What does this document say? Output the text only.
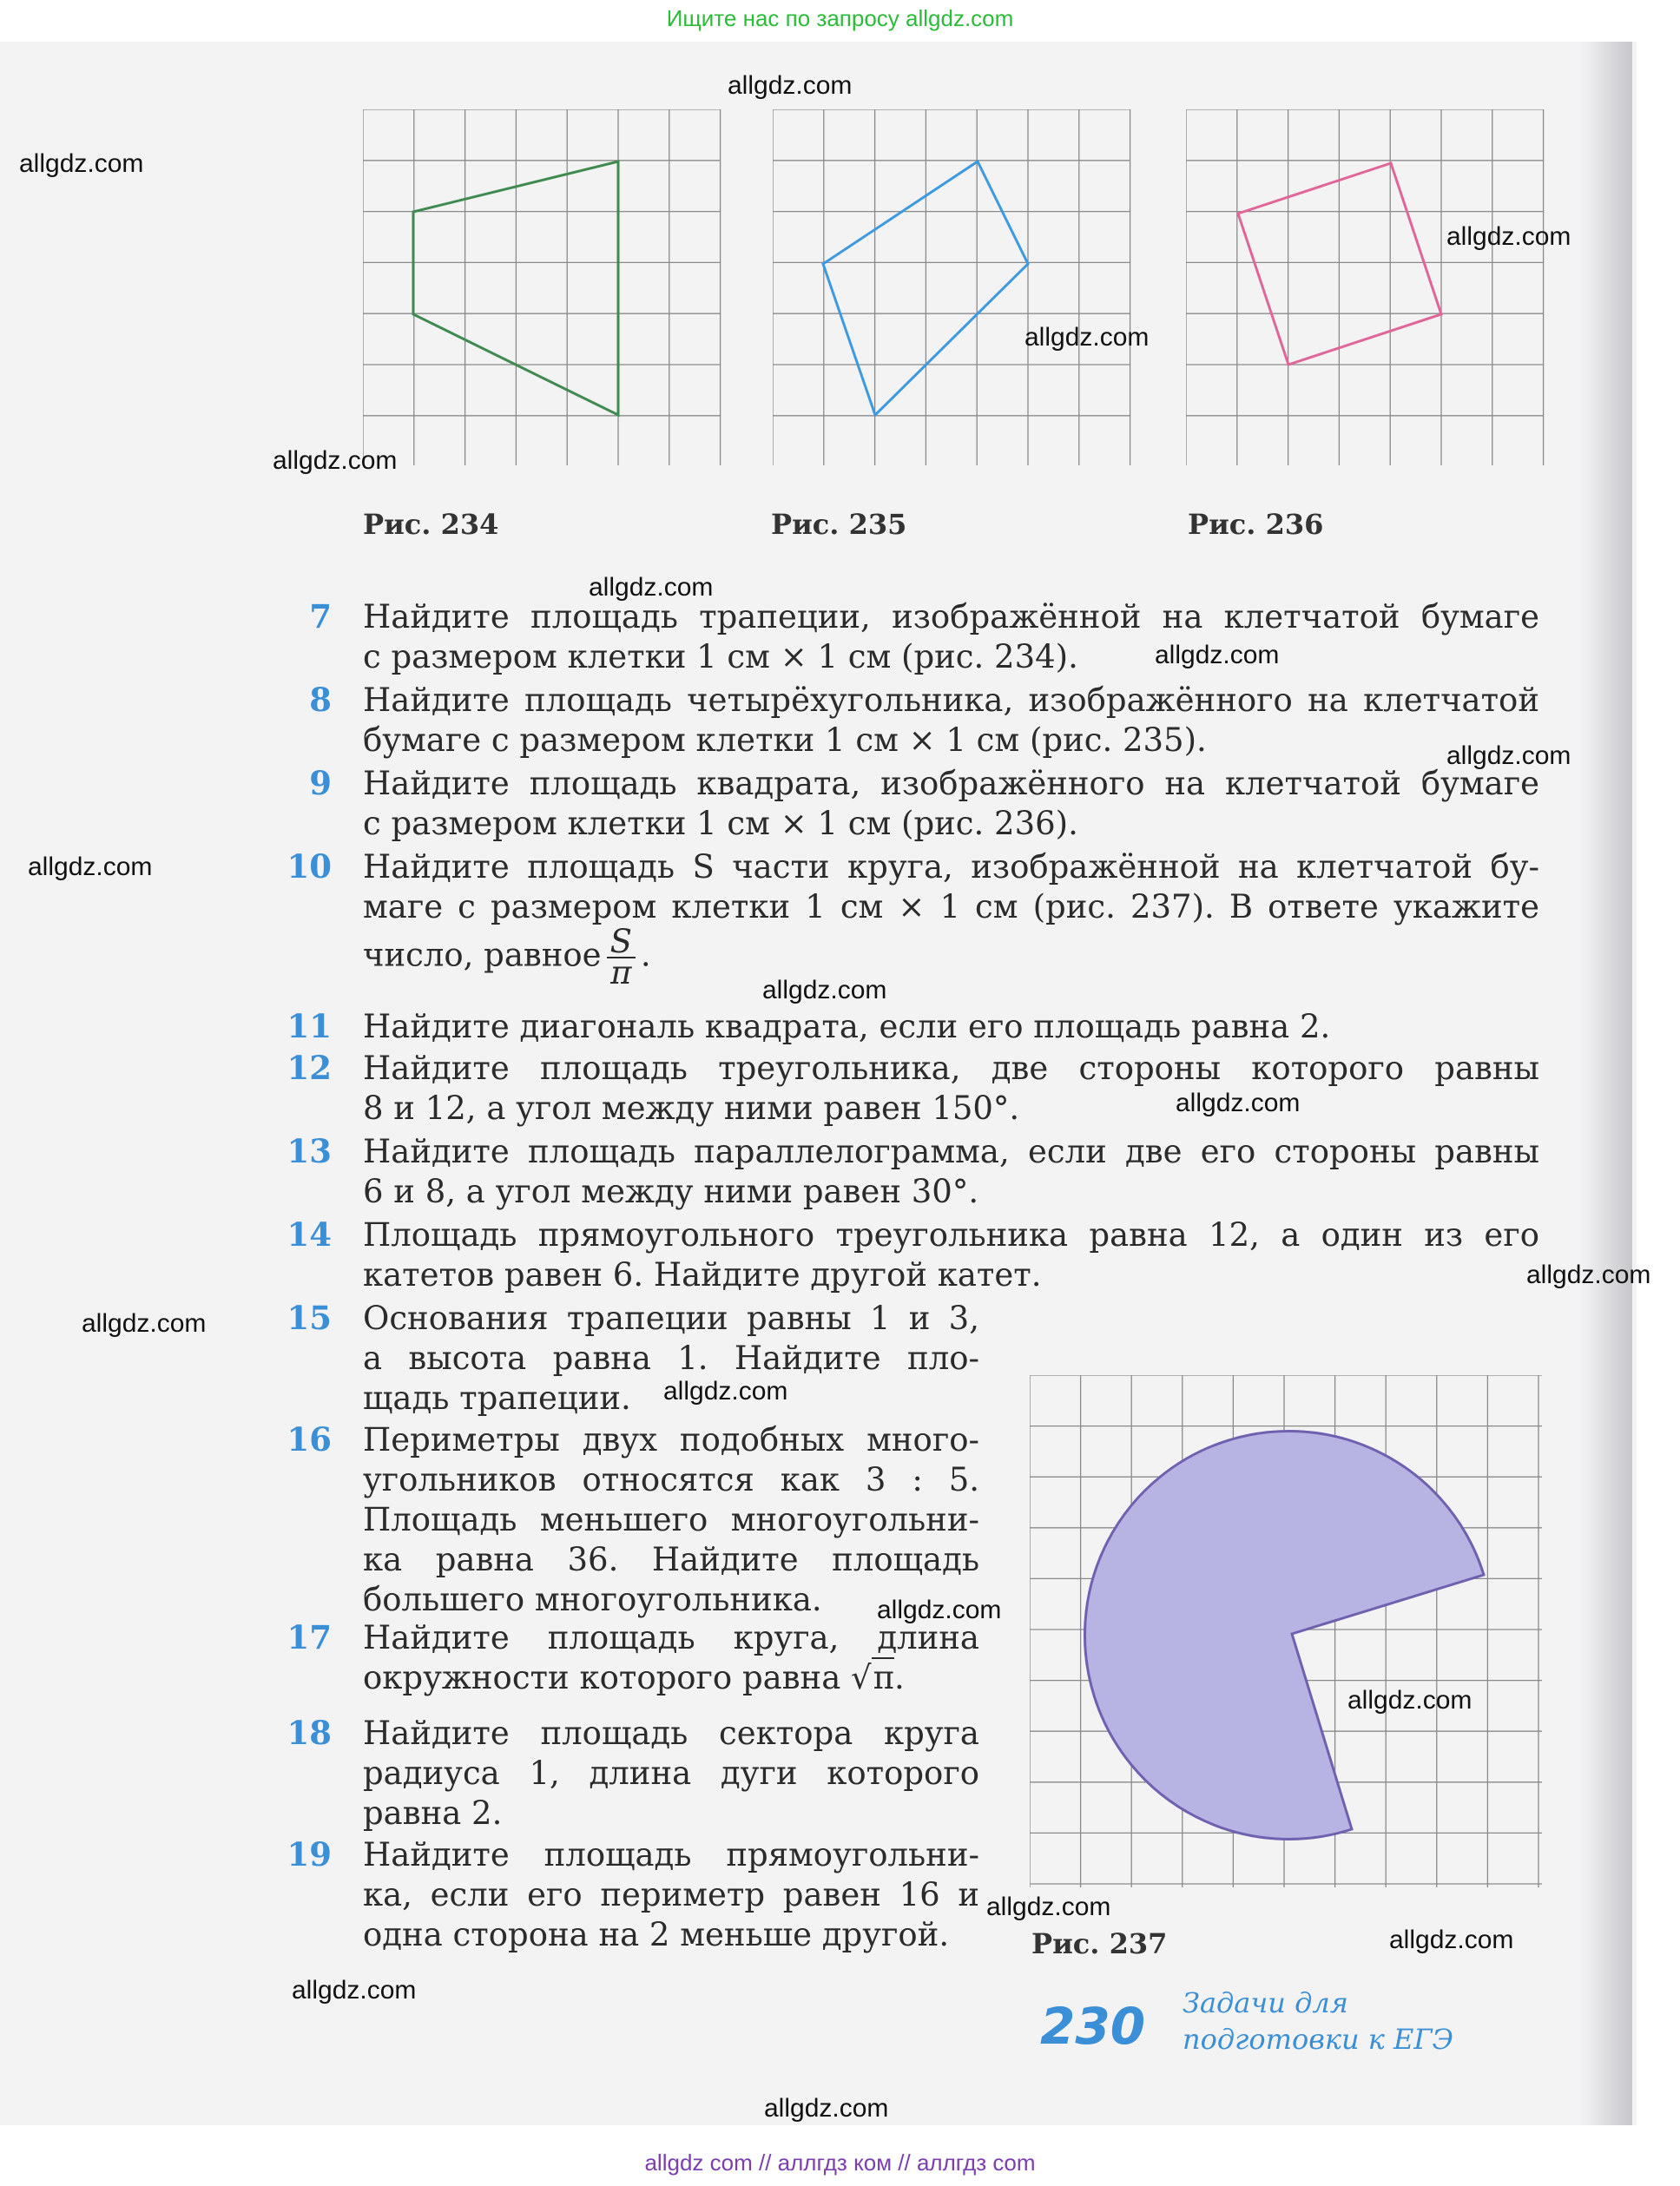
Ищите нас по запросу allgdz.com
allgdz com // аллгдз ком // аллгдз com
Рис. 234	Рис. 235	Рис. 236
Рис. 237
7 Найдите площадь трапеции, изображённой на клетчатой бумаге
с размером клетки 1 см × 1 см (рис. 234).
8 Найдите площадь четырёхугольника, изображённого на клетчатой
бумаге с размером клетки 1 см × 1 см (рис. 235).
9 Найдите площадь квадрата, изображённого на клетчатой бумаге
с размером клетки 1 см × 1 см (рис. 236).
10 Найдите площадь S части круга, изображённой на клетчатой бу-
маге с размером клетки 1 см × 1 см (рис. 237). В ответе укажите
число, равное $\frac{S}{\pi}$ .
11 Найдите диагональ квадрата, если его площадь равна 2.
12 Найдите площадь треугольника, две стороны которого равны
8 и 12, а угол между ними равен 150°.
13 Найдите площадь параллелограмма, если две его стороны равны
6 и 8, а угол между ними равен 30°.
14 Площадь прямоугольного треугольника равна 12, а один из его
катетов равен 6. Найдите другой катет.
15 Основания трапеции равны 1 и 3,
а высота равна 1. Найдите пло-
щадь трапеции.
16 Периметры двух подобных много-
угольников относятся как 3 : 5.
Площадь меньшего многоугольни-
ка равна 36. Найдите площадь
большего многоугольника.
17 Найдите площадь круга, длина
окружности которого равна √π.
18 Найдите площадь сектора круга
радиуса 1, длина дуги которого
равна 2.
19 Найдите площадь прямоугольни-
ка, если его периметр равен 16 и
одна сторона на 2 меньше другой.
230 Задачи для
подготовки к ЕГЭ
allgdz.com
allgdz.com
allgdz.com
allgdz.com
allgdz.com
allgdz.com
allgdz.com
allgdz.com
allgdz.com
allgdz.com
allgdz.com
allgdz.com
allgdz.com
allgdz.com
allgdz.com
allgdz.com
allgdz.com
allgdz.com
allgdz.com
allgdz.com
